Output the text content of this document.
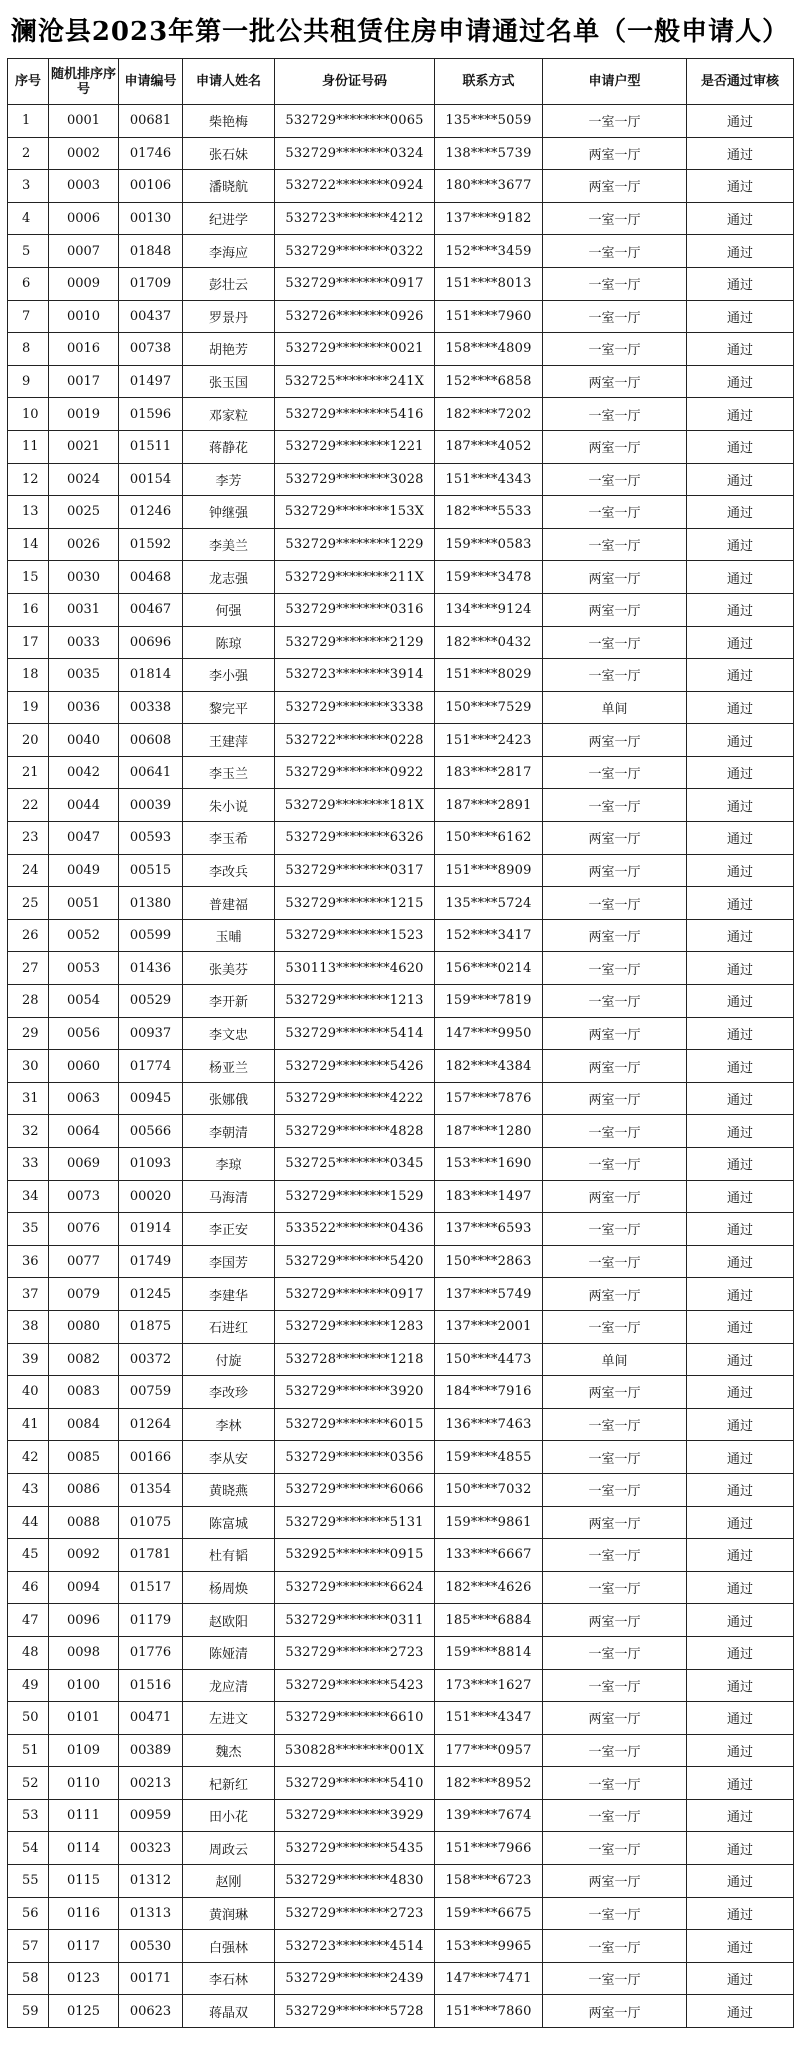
澜沧县2023年第一批公共租赁住房申请通过名单（一般申请人）
序号	随机排序序号	申请编号	申请人姓名	身份证号码	联系方式	申请户型	是否通过审核
1	0001	00681	柴艳梅	532729********0065	135****5059	一室一厅	通过
2	0002	01746	张石妹	532729********0324	138****5739	两室一厅	通过
3	0003	00106	潘晓航	532722********0924	180****3677	两室一厅	通过
4	0006	00130	纪进学	532723********4212	137****9182	一室一厅	通过
5	0007	01848	李海应	532729********0322	152****3459	一室一厅	通过
6	0009	01709	彭壮云	532729********0917	151****8013	一室一厅	通过
7	0010	00437	罗景丹	532726********0926	151****7960	一室一厅	通过
8	0016	00738	胡艳芳	532729********0021	158****4809	一室一厅	通过
9	0017	01497	张玉国	532725********241X	152****6858	两室一厅	通过
10	0019	01596	邓家粒	532729********5416	182****7202	一室一厅	通过
11	0021	01511	蒋静花	532729********1221	187****4052	两室一厅	通过
12	0024	00154	李芳	532729********3028	151****4343	一室一厅	通过
13	0025	01246	钟继强	532729********153X	182****5533	一室一厅	通过
14	0026	01592	李美兰	532729********1229	159****0583	一室一厅	通过
15	0030	00468	龙志强	532729********211X	159****3478	两室一厅	通过
16	0031	00467	何强	532729********0316	134****9124	两室一厅	通过
17	0033	00696	陈琼	532729********2129	182****0432	一室一厅	通过
18	0035	01814	李小强	532723********3914	151****8029	一室一厅	通过
19	0036	00338	黎完平	532729********3338	150****7529	单间	通过
20	0040	00608	王建萍	532722********0228	151****2423	两室一厅	通过
21	0042	00641	李玉兰	532729********0922	183****2817	一室一厅	通过
22	0044	00039	朱小说	532729********181X	187****2891	一室一厅	通过
23	0047	00593	李玉希	532729********6326	150****6162	两室一厅	通过
24	0049	00515	李改兵	532729********0317	151****8909	两室一厅	通过
25	0051	01380	普建福	532729********1215	135****5724	一室一厅	通过
26	0052	00599	玉晡	532729********1523	152****3417	两室一厅	通过
27	0053	01436	张美芬	530113********4620	156****0214	一室一厅	通过
28	0054	00529	李开新	532729********1213	159****7819	一室一厅	通过
29	0056	00937	李文忠	532729********5414	147****9950	两室一厅	通过
30	0060	01774	杨亚兰	532729********5426	182****4384	两室一厅	通过
31	0063	00945	张娜俄	532729********4222	157****7876	两室一厅	通过
32	0064	00566	李朝清	532729********4828	187****1280	一室一厅	通过
33	0069	01093	李琼	532725********0345	153****1690	一室一厅	通过
34	0073	00020	马海清	532729********1529	183****1497	两室一厅	通过
35	0076	01914	李正安	533522********0436	137****6593	一室一厅	通过
36	0077	01749	李国芳	532729********5420	150****2863	一室一厅	通过
37	0079	01245	李建华	532729********0917	137****5749	两室一厅	通过
38	0080	01875	石进红	532729********1283	137****2001	一室一厅	通过
39	0082	00372	付旋	532728********1218	150****4473	单间	通过
40	0083	00759	李改珍	532729********3920	184****7916	两室一厅	通过
41	0084	01264	李林	532729********6015	136****7463	一室一厅	通过
42	0085	00166	李从安	532729********0356	159****4855	一室一厅	通过
43	0086	01354	黄晓燕	532729********6066	150****7032	一室一厅	通过
44	0088	01075	陈富城	532729********5131	159****9861	两室一厅	通过
45	0092	01781	杜有韬	532925********0915	133****6667	一室一厅	通过
46	0094	01517	杨周焕	532729********6624	182****4626	一室一厅	通过
47	0096	01179	赵欧阳	532729********0311	185****6884	两室一厅	通过
48	0098	01776	陈娅清	532729********2723	159****8814	一室一厅	通过
49	0100	01516	龙应清	532729********5423	173****1627	一室一厅	通过
50	0101	00471	左进文	532729********6610	151****4347	两室一厅	通过
51	0109	00389	魏杰	530828********001X	177****0957	一室一厅	通过
52	0110	00213	杞新红	532729********5410	182****8952	一室一厅	通过
53	0111	00959	田小花	532729********3929	139****7674	一室一厅	通过
54	0114	00323	周政云	532729********5435	151****7966	一室一厅	通过
55	0115	01312	赵刚	532729********4830	158****6723	两室一厅	通过
56	0116	01313	黄润琳	532729********2723	159****6675	一室一厅	通过
57	0117	00530	白强林	532723********4514	153****9965	一室一厅	通过
58	0123	00171	李石林	532729********2439	147****7471	一室一厅	通过
59	0125	00623	蒋晶双	532729********5728	151****7860	两室一厅	通过
